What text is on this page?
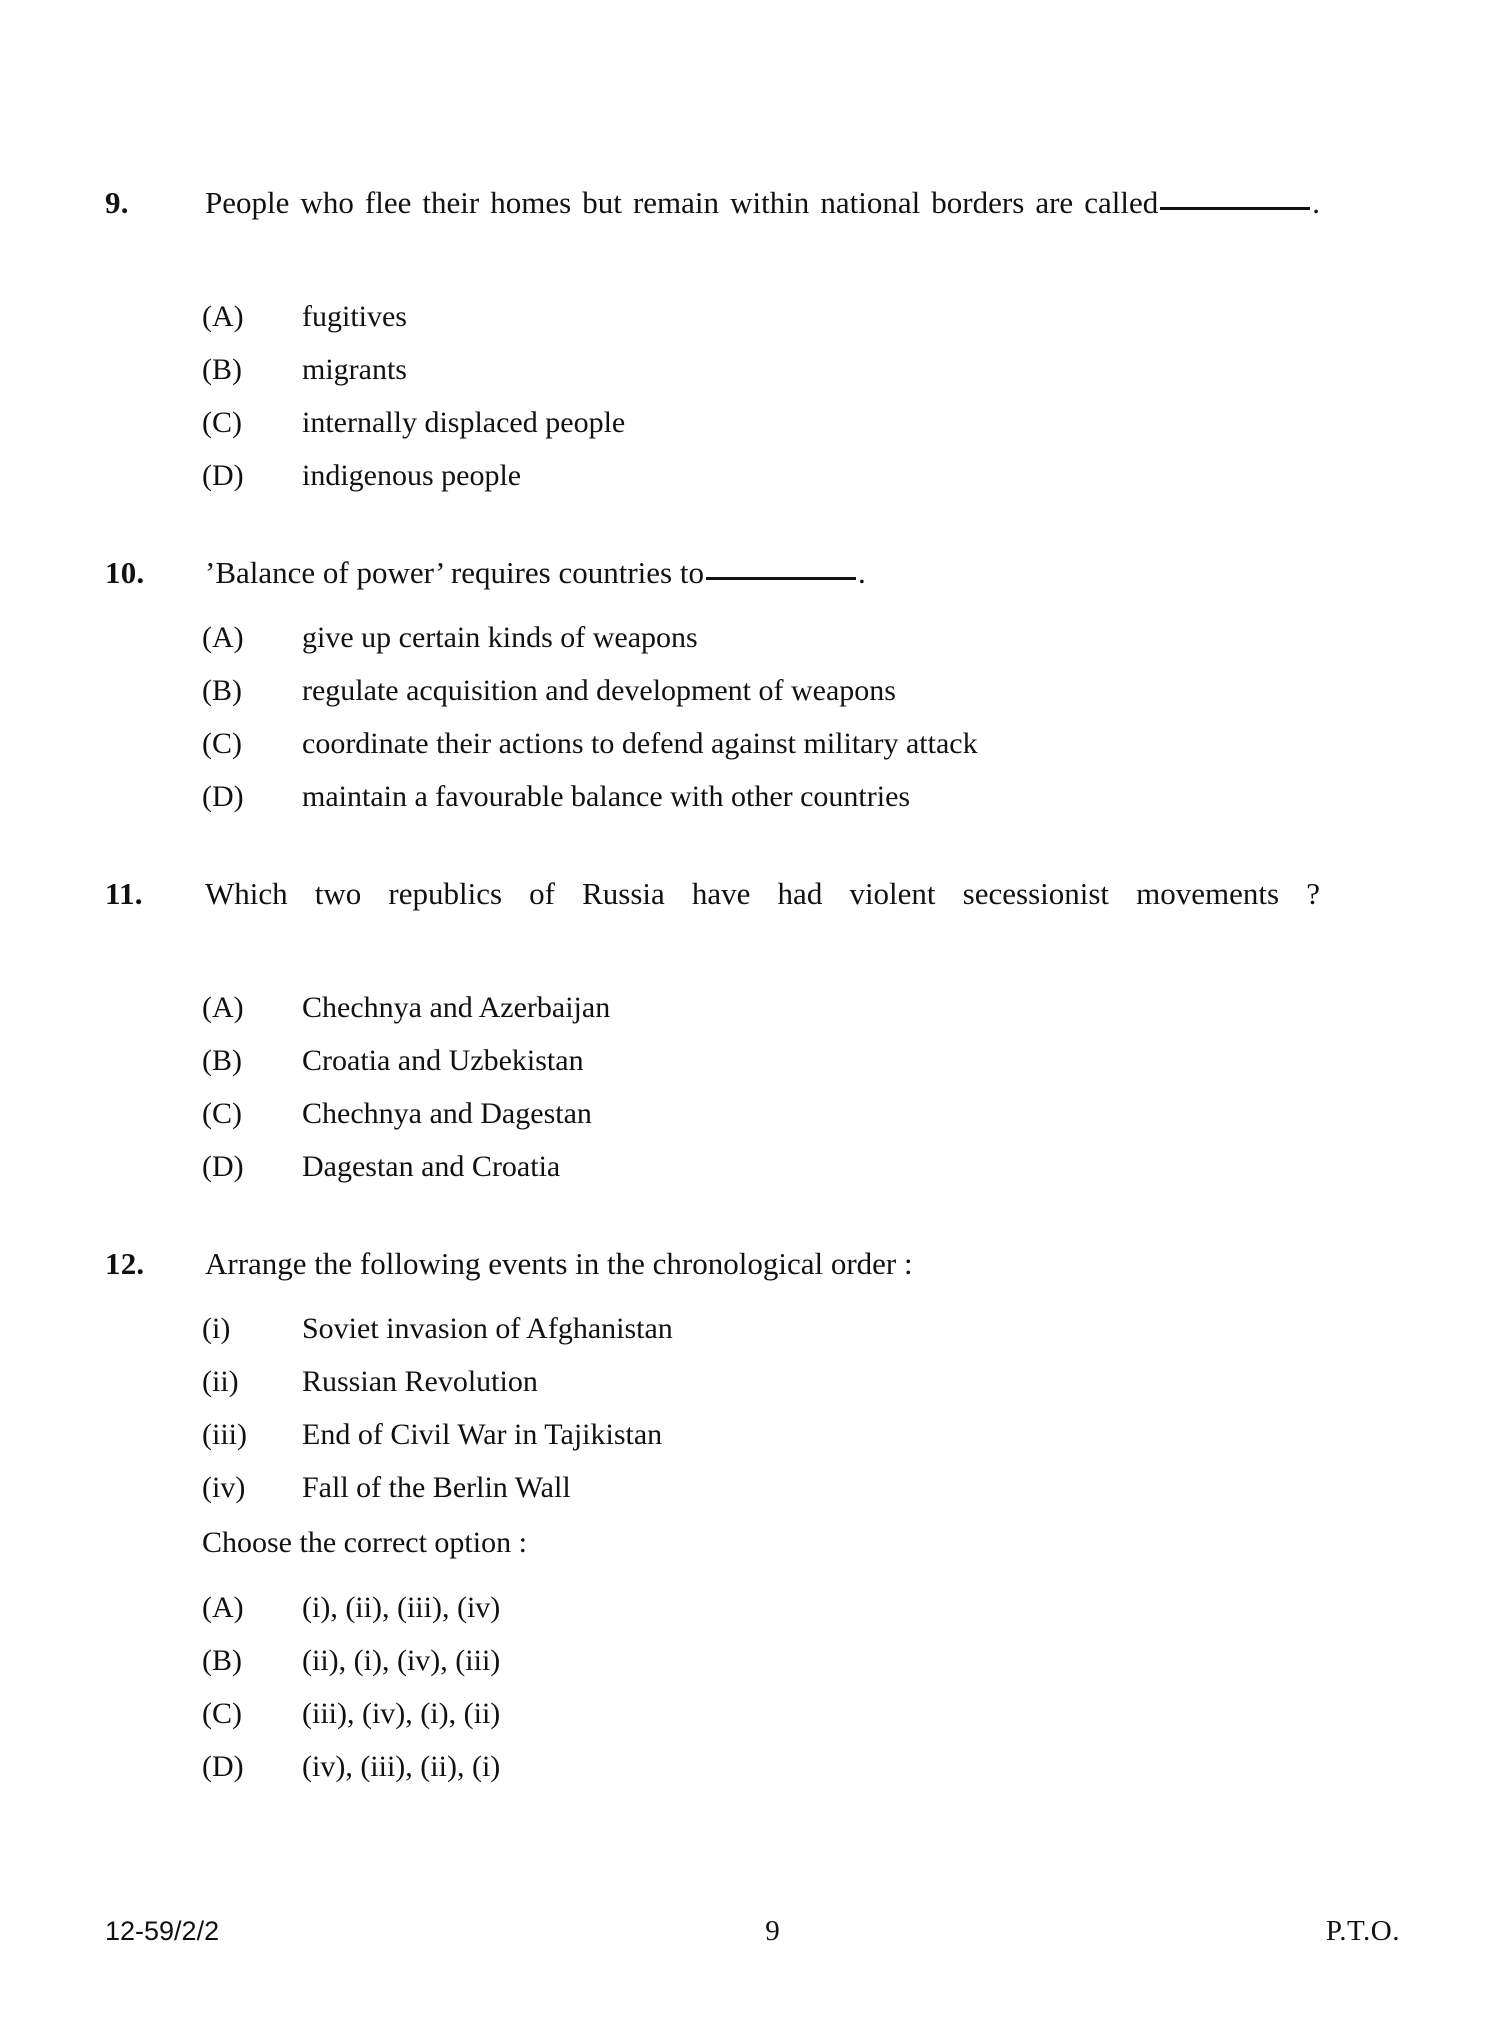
9.	People who flee their homes but remain within national borders are called	.
(A)	fugitives
(B)	migrants
(C)	internally displaced people
(D)	indigenous people
10.	’Balance of power’ requires countries to	.
(A)	give up certain kinds of weapons
(B)	regulate acquisition and development of weapons
(C)	coordinate their actions to defend against military attack
(D)	maintain a favourable balance with other countries
11.	Which two republics of Russia have had violent secessionist movements ?
(A)	Chechnya and Azerbaijan
(B)	Croatia and Uzbekistan
(C)	Chechnya and Dagestan
(D)	Dagestan and Croatia
12.	Arrange the following events in the chronological order :
(i)	Soviet invasion of Afghanistan
(ii)	Russian Revolution
(iii)	End of Civil War in Tajikistan
(iv)	Fall of the Berlin Wall
Choose the correct option :
(A)	(i), (ii), (iii), (iv)
(B)	(ii), (i), (iv), (iii)
(C)	(iii), (iv), (i), (ii)
(D)	(iv), (iii), (ii), (i)
12-59/2/2	9	P.T.O.
